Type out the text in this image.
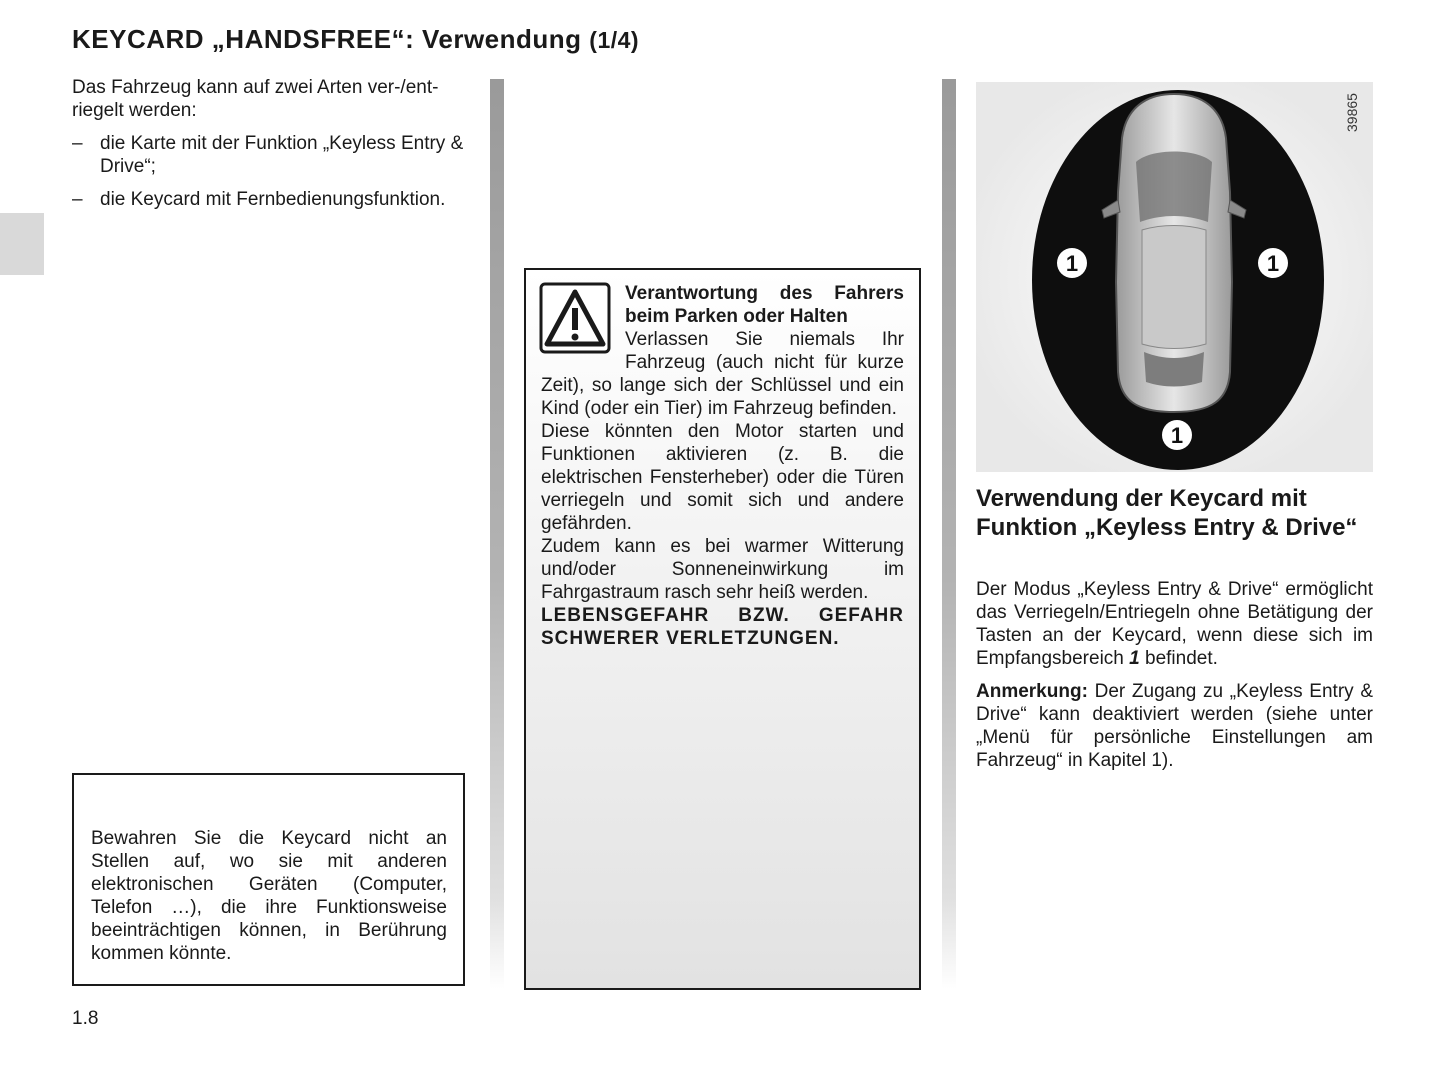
KEYCARD „HANDSFREE“: Verwendung (1/4)

Das Fahrzeug kann auf zwei Arten ver-/ent-riegelt werden:

– die Karte mit der Funktion „Keyless Entry & Drive“;
– die Keycard mit Fernbedienungsfunktion.

Bewahren Sie die Keycard nicht an Stellen auf, wo sie mit anderen elektronischen Geräten (Computer, Telefon …), die ihre Funktionsweise beeinträchtigen können, in Berührung kommen könnte.

Verantwortung des Fahrers beim Parken oder Halten

Verlassen Sie niemals Ihr Fahrzeug (auch nicht für kurze Zeit), so lange sich der Schlüssel und ein Kind (oder ein Tier) im Fahrzeug befinden.

Diese könnten den Motor starten und Funktionen aktivieren (z. B. die elektrischen Fensterheber) oder die Türen verriegeln und somit sich und andere gefährden.

Zudem kann es bei warmer Witterung und/oder Sonneneinwirkung im Fahrgastraum rasch sehr heiß werden.

LEBENSGEFAHR BZW. GEFAHR SCHWERER VERLETZUNGEN.

1	1
1
39865
Verwendung der Keycard mit Funktion „Keyless Entry & Drive“

Der Modus „Keyless Entry & Drive“ ermöglicht das Verriegeln/Entriegeln ohne Betätigung der Tasten an der Keycard, wenn diese sich im Empfangsbereich 1 befindet.

Anmerkung: Der Zugang zu „Keyless Entry & Drive“ kann deaktiviert werden (siehe unter „Menü für persönliche Einstellungen am Fahrzeug“ in Kapitel 1).

1.8
